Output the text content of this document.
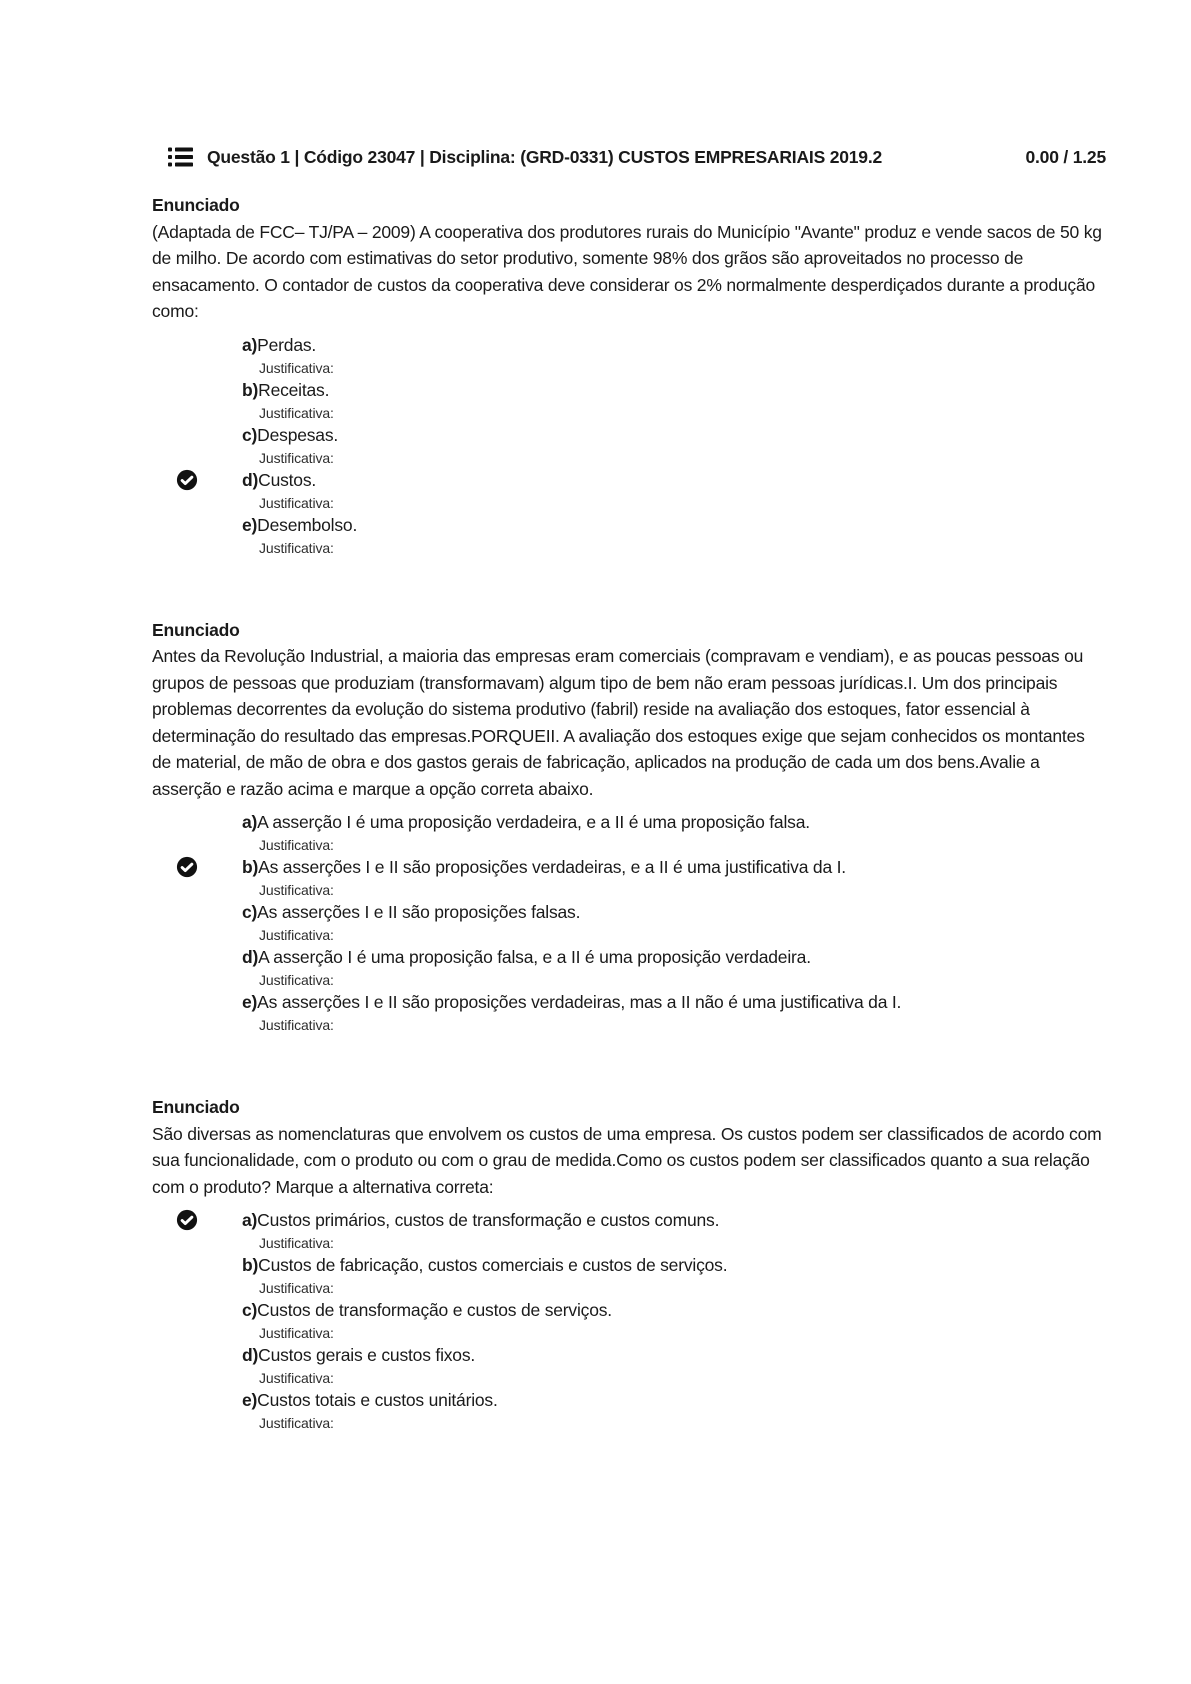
Questão 1 | Código 23047 | Disciplina: (GRD-0331) CUSTOS EMPRESARIAIS 2019.2	0.00 / 1.25
Enunciado

(Adaptada de FCC– TJ/PA – 2009) A cooperativa dos produtores rurais do Município "Avante" produz e vende sacos de 50 kg de milho. De acordo com estimativas do setor produtivo, somente 98% dos grãos são aproveitados no processo de ensacamento. O contador de custos da cooperativa deve considerar os 2% normalmente desperdiçados durante a produção como:

a)Perdas.
Justificativa:
b)Receitas.
Justificativa:
c)Despesas.
Justificativa:
d)Custos.
Justificativa:
e)Desembolso.
Justificativa:
Enunciado

Antes da Revolução Industrial, a maioria das empresas eram comerciais (compravam e vendiam), e as poucas pessoas ou grupos de pessoas que produziam (transformavam) algum tipo de bem não eram pessoas jurídicas.I. Um dos principais problemas decorrentes da evolução do sistema produtivo (fabril) reside na avaliação dos estoques, fator essencial à determinação do resultado das empresas.PORQUEII. A avaliação dos estoques exige que sejam conhecidos os montantes de material, de mão de obra e dos gastos gerais de fabricação, aplicados na produção de cada um dos bens.Avalie a asserção e razão acima e marque a opção correta abaixo.

a)A asserção I é uma proposição verdadeira, e a II é uma proposição falsa.
Justificativa:
b)As asserções I e II são proposições verdadeiras, e a II é uma justificativa da I.
Justificativa:
c)As asserções I e II são proposições falsas.
Justificativa:
d)A asserção I é uma proposição falsa, e a II é uma proposição verdadeira.
Justificativa:
e)As asserções I e II são proposições verdadeiras, mas a II não é uma justificativa da I.
Justificativa:
Enunciado

São diversas as nomenclaturas que envolvem os custos de uma empresa. Os custos podem ser classificados de acordo com sua funcionalidade, com o produto ou com o grau de medida.Como os custos podem ser classificados quanto a sua relação com o produto? Marque a alternativa correta:

a)Custos primários, custos de transformação e custos comuns.
Justificativa:
b)Custos de fabricação, custos comerciais e custos de serviços.
Justificativa:
c)Custos de transformação e custos de serviços.
Justificativa:
d)Custos gerais e custos fixos.
Justificativa:
e)Custos totais e custos unitários.
Justificativa:
